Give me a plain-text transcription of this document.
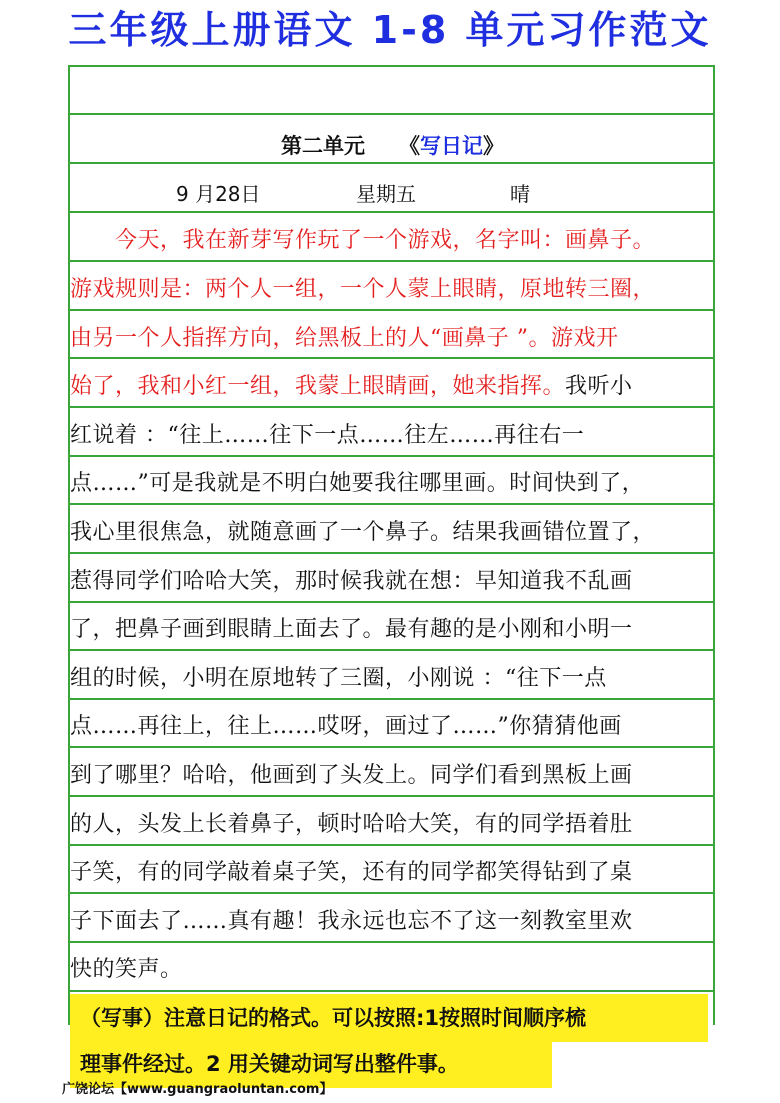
三年级上册语文 1-8 单元习作范文
第二单元 《写日记》
9 月28日	星期五	晴
　　今天，我在新芽写作玩了一个游戏，名字叫：画鼻子。
游戏规则是：两个人一组，一个人蒙上眼睛，原地转三圈，
由另一个人指挥方向，给黑板上的人“画鼻子 ”。游戏开
始了，我和小红一组，我蒙上眼睛画，她来指挥。我听小
红说着 ：“往上……往下一点……往左……再往右一
点……”可是我就是不明白她要我往哪里画。时间快到了，
我心里很焦急，就随意画了一个鼻子。结果我画错位置了，
惹得同学们哈哈大笑，那时候我就在想：早知道我不乱画
了，把鼻子画到眼睛上面去了。最有趣的是小刚和小明一
组的时候，小明在原地转了三圈，小刚说 ：“往下一点
点……再往上，往上……哎呀，画过了……”你猜猜他画
到了哪里？哈哈，他画到了头发上。同学们看到黑板上画
的人，头发上长着鼻子，顿时哈哈大笑，有的同学捂着肚
子笑，有的同学敲着桌子笑，还有的同学都笑得钻到了桌
子下面去了……真有趣！我永远也忘不了这一刻教室里欢
快的笑声。
（写事）注意日记的格式。可以按照:1按照时间顺序梳
理事件经过。2 用关键动词写出整件事。
广饶论坛【www.guangraoluntan.com】
